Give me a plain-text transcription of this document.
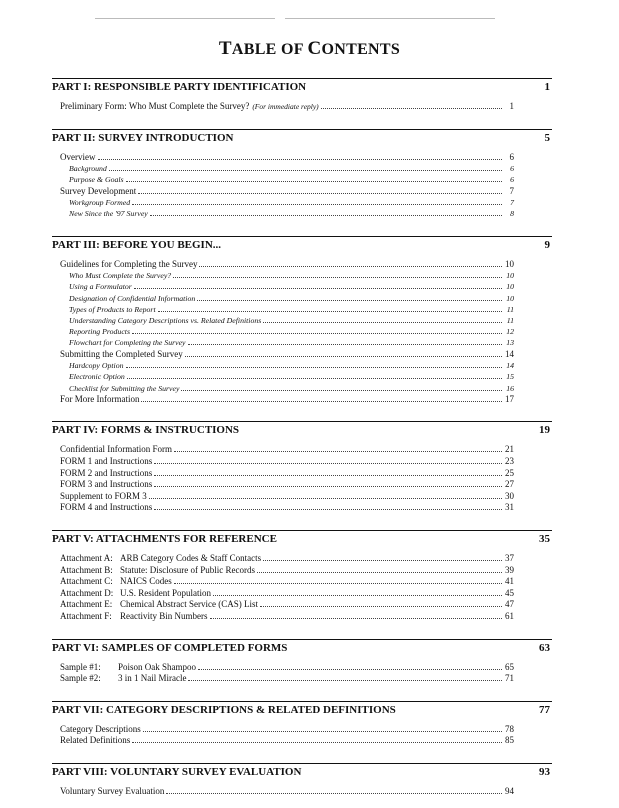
TABLE OF CONTENTS
PART I: RESPONSIBLE PARTY IDENTIFICATION	1
Preliminary Form: Who Must Complete the Survey? (For immediate reply)	1
PART II: SURVEY INTRODUCTION	5
Overview	6
Background	6
Purpose & Goals	6
Survey Development	7
Workgroup Formed	7
New Since the '97 Survey	8
PART III: BEFORE YOU BEGIN...	9
Guidelines for Completing the Survey	10
Who Must Complete the Survey?	10
Using a Formulator	10
Designation of Confidential Information	10
Types of Products to Report	11
Understanding Category Descriptions vs. Related Definitions	11
Reporting Products	12
Flowchart for Completing the Survey	13
Submitting the Completed Survey	14
Hardcopy Option	14
Electronic Option	15
Checklist for Submitting the Survey	16
For More Information	17
PART IV: FORMS & INSTRUCTIONS	19
Confidential Information Form	21
FORM 1 and Instructions	23
FORM 2 and Instructions	25
FORM 3 and Instructions	27
Supplement to FORM 3	30
FORM 4 and Instructions	31
PART V: ATTACHMENTS FOR REFERENCE	35
Attachment A: ARB Category Codes & Staff Contacts	37
Attachment B: Statute: Disclosure of Public Records	39
Attachment C: NAICS Codes	41
Attachment D: U.S. Resident Population	45
Attachment E: Chemical Abstract Service (CAS) List	47
Attachment F: Reactivity Bin Numbers	61
PART VI: SAMPLES OF COMPLETED FORMS	63
Sample #1:	Poison Oak Shampoo	65
Sample #2:	3 in 1 Nail Miracle	71
PART VII: CATEGORY DESCRIPTIONS & RELATED DEFINITIONS	77
Category Descriptions	78
Related Definitions	85
PART VIII: VOLUNTARY SURVEY EVALUATION	93
Voluntary Survey Evaluation	94
